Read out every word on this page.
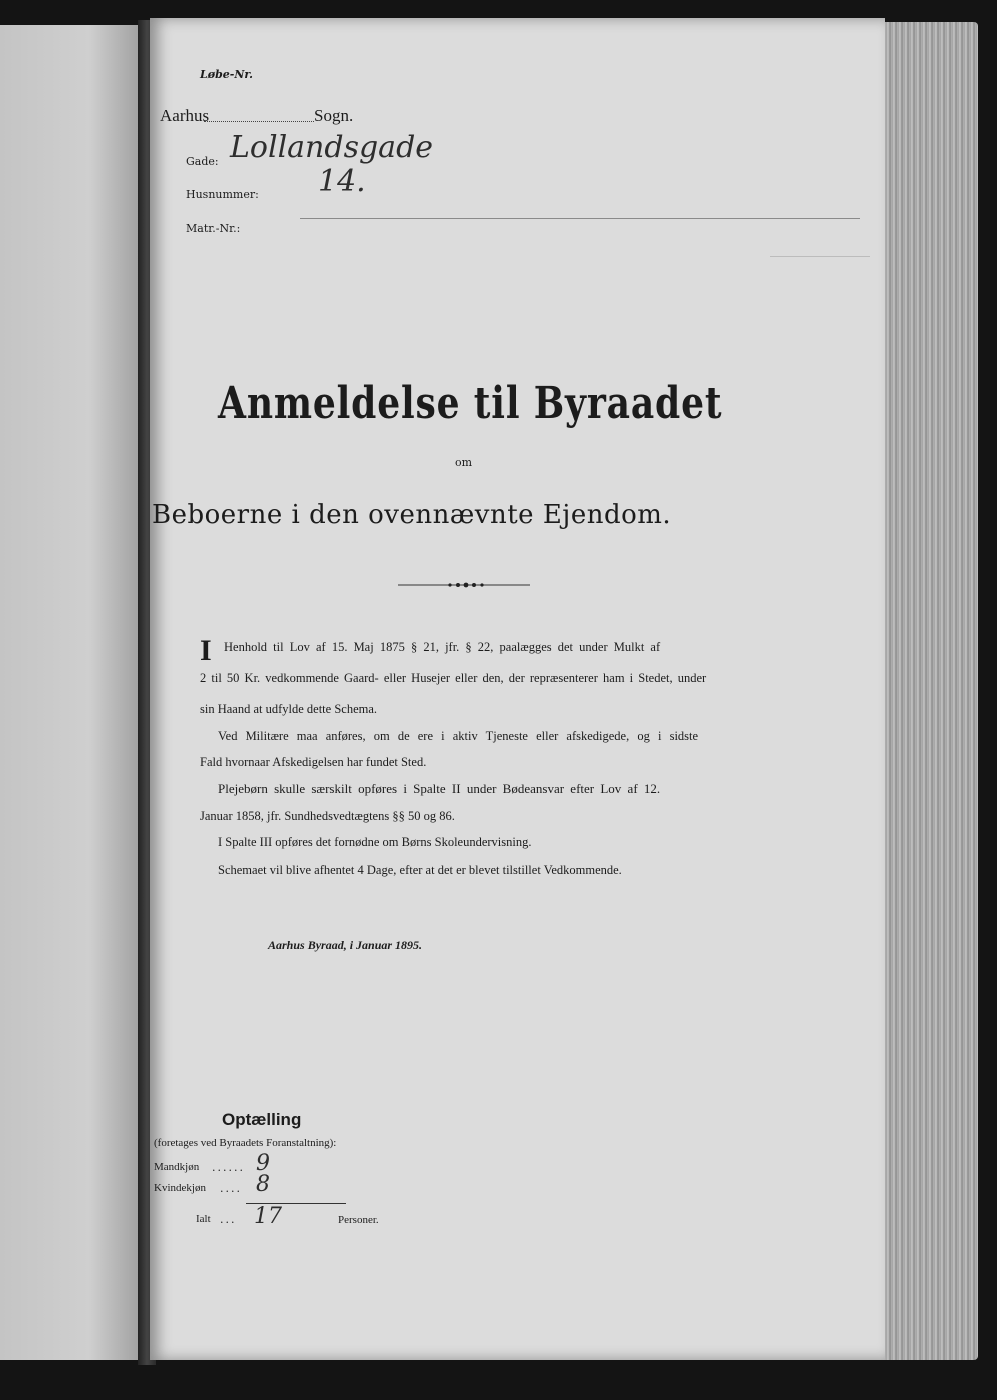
Løbe-Nr.
Aarhus	Sogn.
Gade: Lollandsgade
Husnummer: 14.
Matr.-Nr.:
Anmeldelse til Byraadet
om
Beboerne i den ovennævnte Ejendom.
I Henhold til Lov af 15. Maj 1875 § 21, jfr. § 22, paalægges det under Mulkt af
2 til 50 Kr. vedkommende Gaard- eller Husejer eller den, der repræsenterer ham i Stedet, under
sin Haand at udfylde dette Schema.
Ved Militære maa anføres, om de ere i aktiv Tjeneste eller afskedigede, og i sidste
Fald hvornaar Afskedigelsen har fundet Sted.
Plejebørn skulle særskilt opføres i Spalte II under Bødeansvar efter Lov af 12.
Januar 1858, jfr. Sundhedsvedtægtens §§ 50 og 86.
I Spalte III opføres det fornødne om Børns Skoleundervisning.
Schemaet vil blive afhentet 4 Dage, efter at det er blevet tilstillet Vedkommende.
Aarhus Byraad, i Januar 1895.
Optælling
(foretages ved Byraadets Foranstaltning):
Mandkjøn ...... 9
Kvindekjøn .... 8
Ialt ... 17	Personer.
